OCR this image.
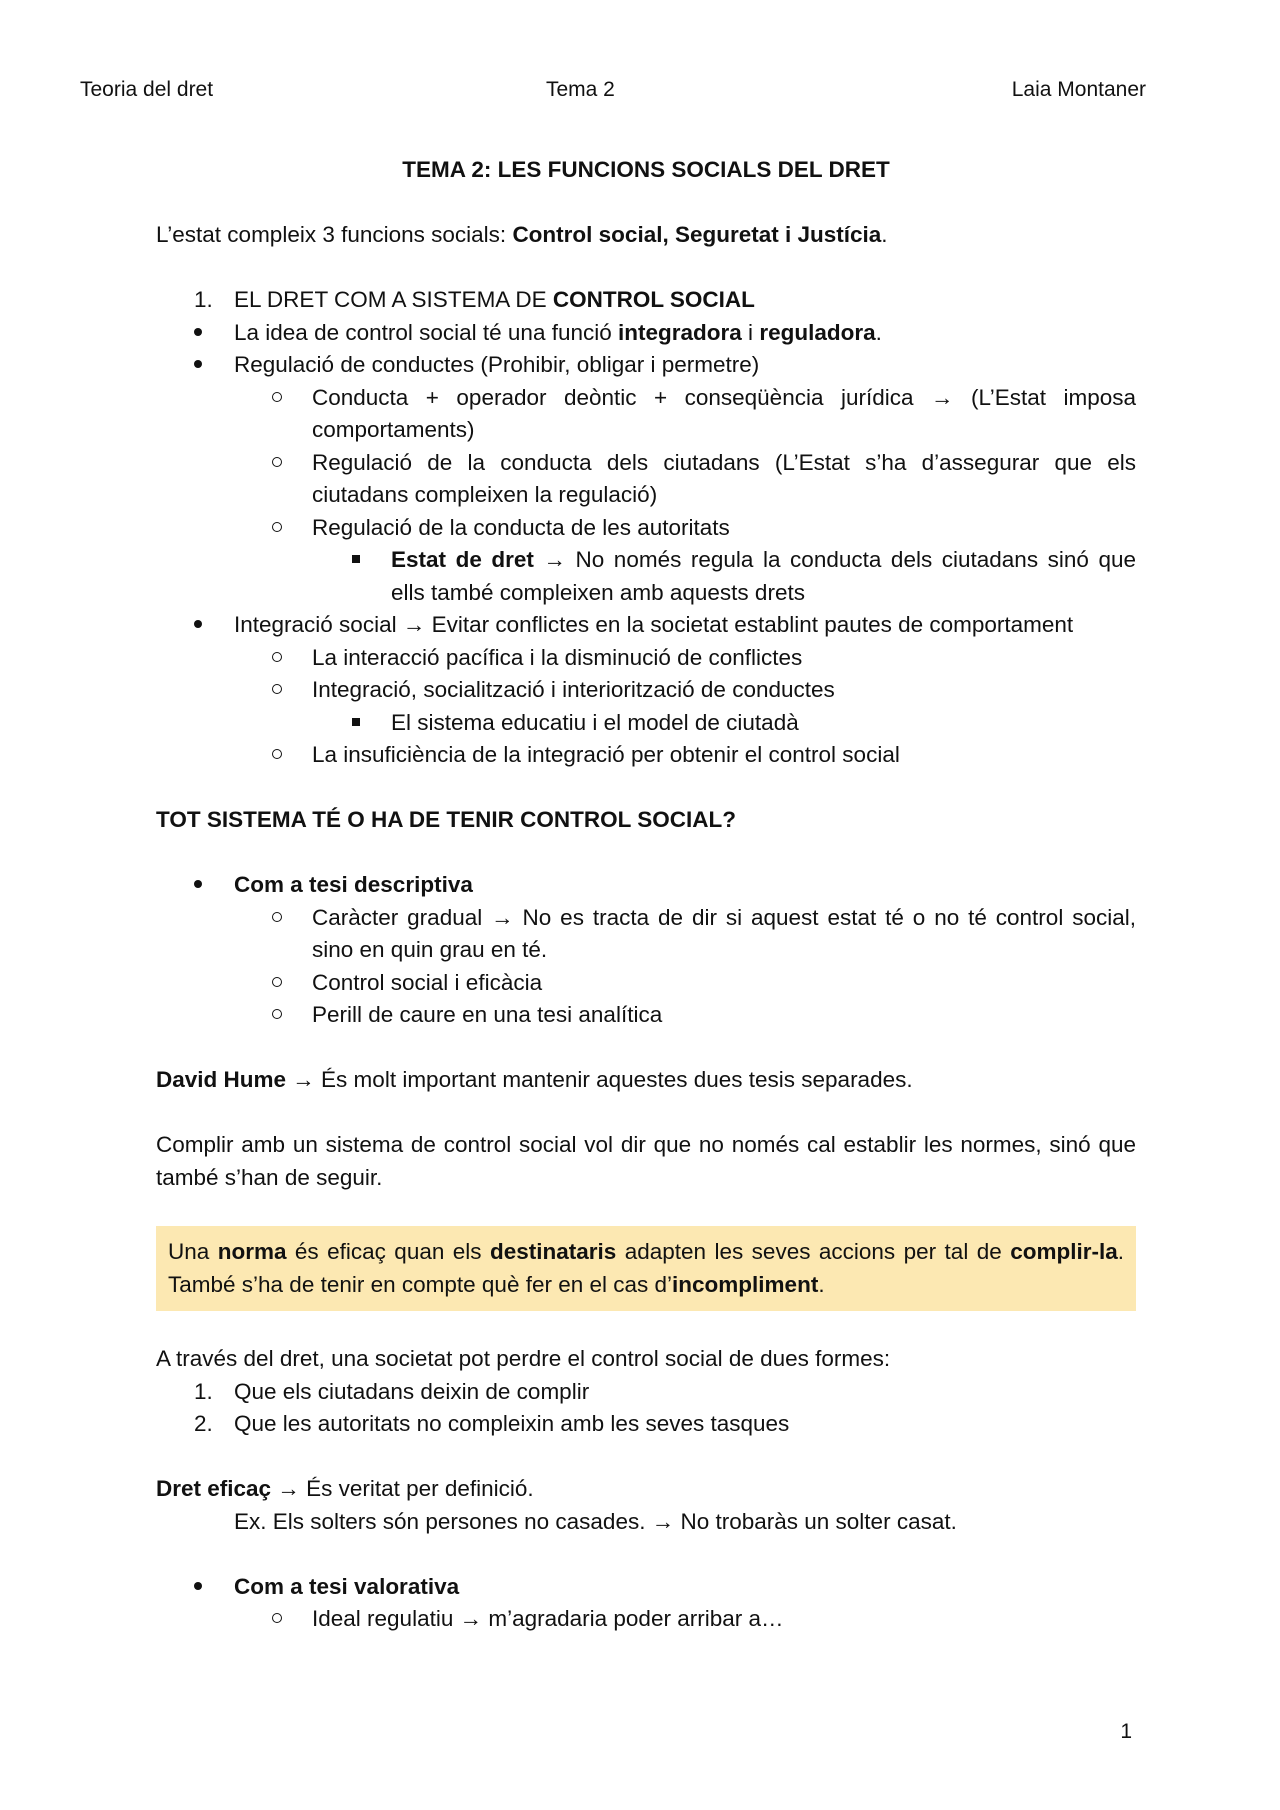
Teoria del dret	Tema 2	Laia Montaner

TEMA 2: LES FUNCIONS SOCIALS DEL DRET

L’estat compleix 3 funcions socials: Control social, Seguretat i Justícia.

1. EL DRET COM A SISTEMA DE CONTROL SOCIAL
La idea de control social té una funció integradora i reguladora.
Regulació de conductes (Prohibir, obligar i permetre)
Conducta + operador deòntic + conseqüència jurídica → (L’Estat imposa comportaments)
Regulació de la conducta dels ciutadans (L’Estat s’ha d’assegurar que els ciutadans compleixen la regulació)
Regulació de la conducta de les autoritats
Estat de dret → No només regula la conducta dels ciutadans sinó que ells també compleixen amb aquests drets
Integració social → Evitar conflictes en la societat establint pautes de comportament
La interacció pacífica i la disminució de conflictes
Integració, socialització i interiorització de conductes
El sistema educatiu i el model de ciutadà
La insuficiència de la integració per obtenir el control social

TOT SISTEMA TÉ O HA DE TENIR CONTROL SOCIAL?

Com a tesi descriptiva
Caràcter gradual → No es tracta de dir si aquest estat té o no té control social, sino en quin grau en té.
Control social i eficàcia
Perill de caure en una tesi analítica

David Hume → És molt important mantenir aquestes dues tesis separades.

Complir amb un sistema de control social vol dir que no només cal establir les normes, sinó que també s’han de seguir.

Una norma és eficaç quan els destinataris adapten les seves accions per tal de complir-la. També s’ha de tenir en compte què fer en el cas d’incompliment.

A través del dret, una societat pot perdre el control social de dues formes:

1. Que els ciutadans deixin de complir
2. Que les autoritats no compleixin amb les seves tasques

Dret eficaç → És veritat per definició.

Ex. Els solters són persones no casades. → No trobaràs un solter casat.

Com a tesi valorativa
Ideal regulatiu → m’agradaria poder arribar a…
1
